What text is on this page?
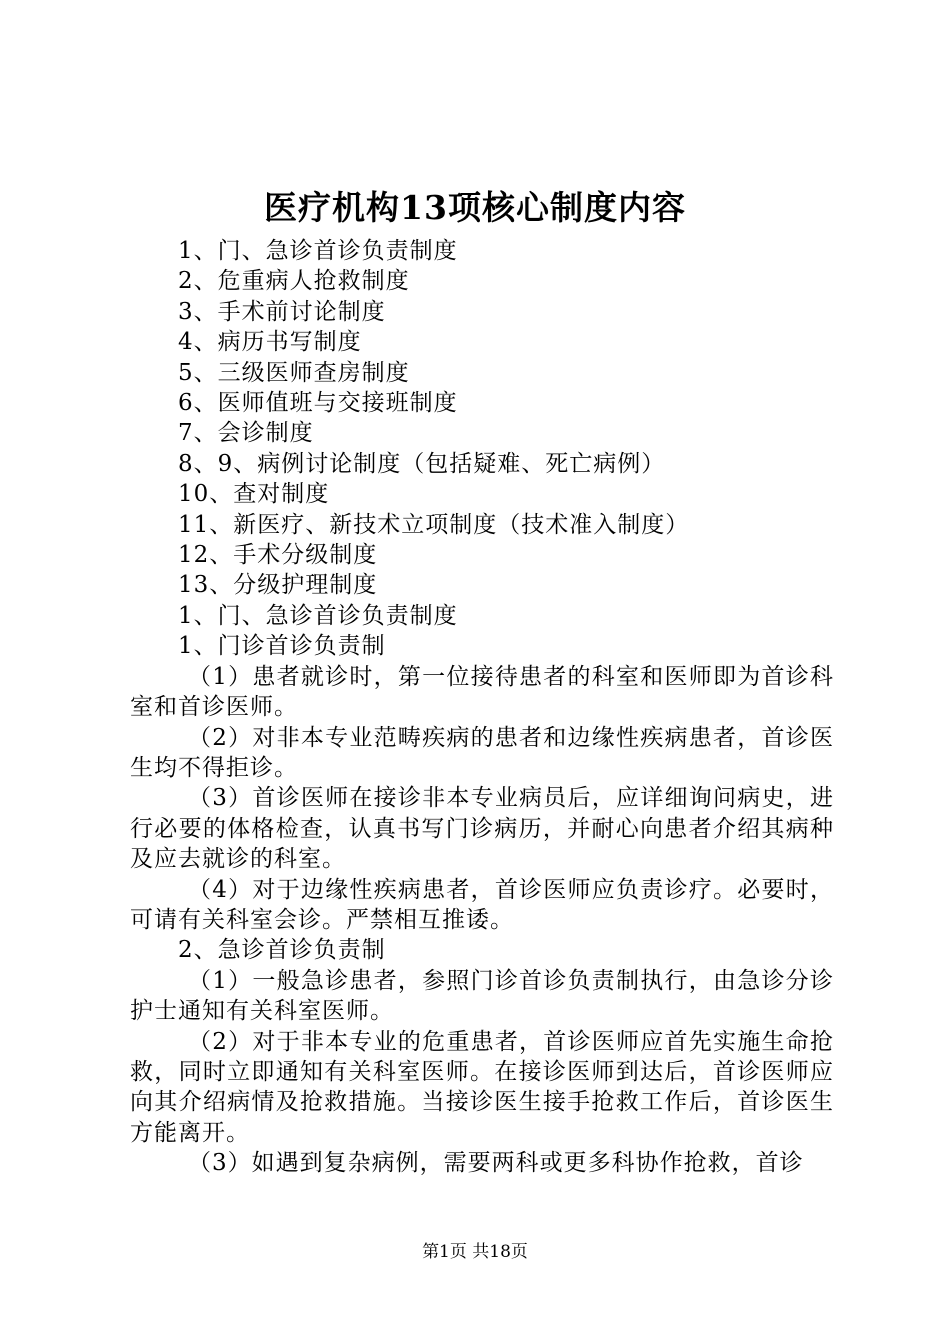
医疗机构13项核心制度内容

1、门、急诊首诊负责制度

2、危重病人抢救制度

3、手术前讨论制度

4、病历书写制度

5、三级医师查房制度

6、医师值班与交接班制度

7、会诊制度

8、9、病例讨论制度（包括疑难、死亡病例）

10、查对制度

11、新医疗、新技术立项制度（技术准入制度）

12、手术分级制度

13、分级护理制度

1、门、急诊首诊负责制度

1、门诊首诊负责制

（1）患者就诊时，第一位接待患者的科室和医师即为首诊科室和首诊医师。

（2）对非本专业范畴疾病的患者和边缘性疾病患者，首诊医生均不得拒诊。

（3）首诊医师在接诊非本专业病员后，应详细询问病史，进行必要的体格检查，认真书写门诊病历，并耐心向患者介绍其病种及应去就诊的科室。

（4）对于边缘性疾病患者，首诊医师应负责诊疗。必要时，可请有关科室会诊。严禁相互推诿。

2、急诊首诊负责制

（1）一般急诊患者，参照门诊首诊负责制执行，由急诊分诊护士通知有关科室医师。

（2）对于非本专业的危重患者，首诊医师应首先实施生命抢救，同时立即通知有关科室医师。在接诊医师到达后，首诊医师应向其介绍病情及抢救措施。当接诊医生接手抢救工作后，首诊医生方能离开。

（3）如遇到复杂病例，需要两科或更多科协作抢救，首诊

第1页 共18页
